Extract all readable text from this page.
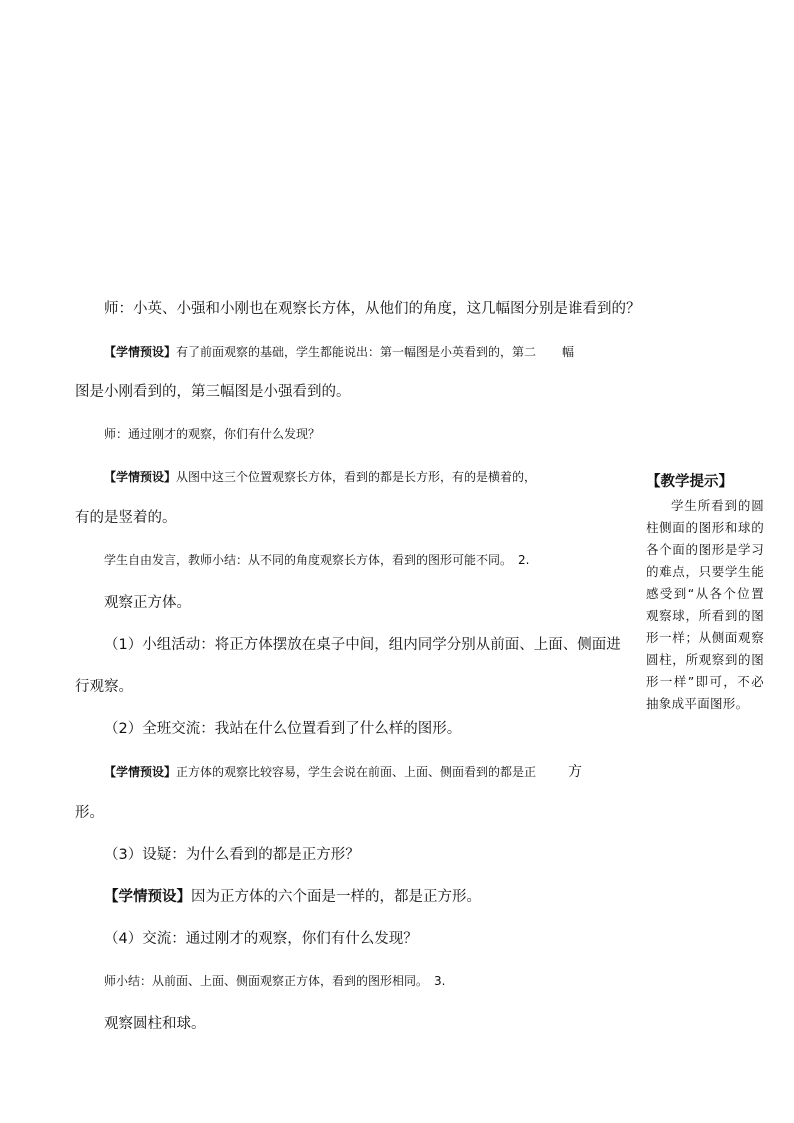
师：小英、小强和小刚也在观察长方体，从他们的角度，这几幅图分别是谁看到的？
【学情预设】有了前面观察的基础，学生都能说出：第一幅图是小英看到的，第二 幅
图是小刚看到的，第三幅图是小强看到的。
师：通过刚才的观察，你们有什么发现？
【学情预设】从图中这三个位置观察长方体，看到的都是长方形，有的是横着的，
有的是竖着的。
学生自由发言，教师小结：从不同的角度观察长方体，看到的图形可能不同。　2.
观察正方体。
（1）小组活动：将正方体摆放在桌子中间，组内同学分别从前面、上面、侧面进
行观察。
（2）全班交流：我站在什么位置看到了什么样的图形。
【学情预设】正方体的观察比较容易，学生会说在前面、上面、侧面看到的都是正 方
形。
（3）设疑：为什么看到的都是正方形？
【学情预设】因为正方体的六个面是一样的，都是正方形。
（4）交流：通过刚才的观察，你们有什么发现？
师小结：从前面、上面、侧面观察正方体，看到的图形相同。　3.
观察圆柱和球。
【教学提示】
学生所看到的圆柱侧面的图形和球的各个面的图形是学习的难点，只要学生能感受到“从各个位置观察球，所看到的图形一样；从侧面观察圆柱，所观察到的图形一样”即可，不必抽象成平面图形。
